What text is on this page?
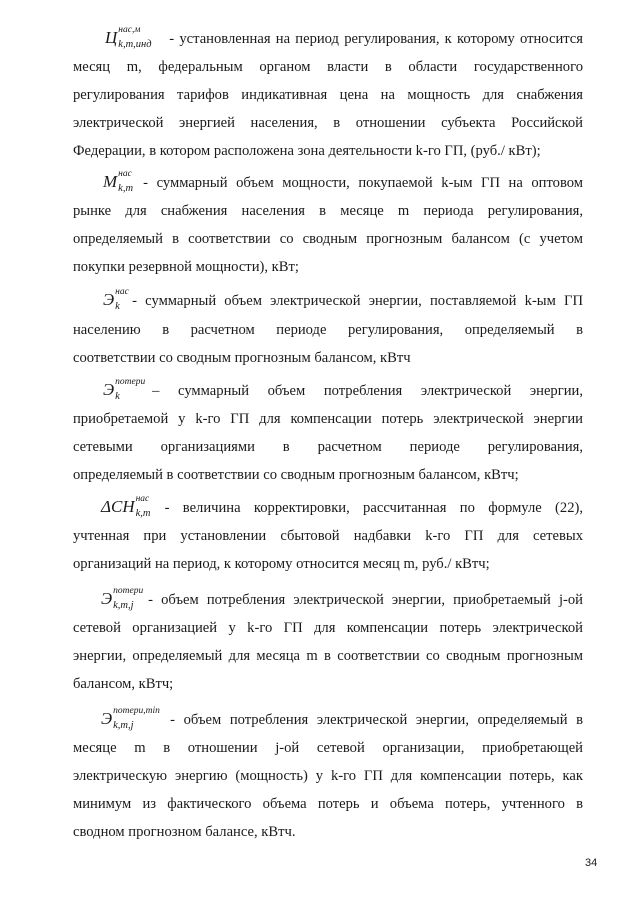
Ц нас,м
k,m,инд - установленная на период регулирования, к которому относится
месяц m, федеральным органом власти в области государственного
регулирования тарифов индикативная цена на мощность для снабжения
электрической энергией населения, в отношении субъекта Российской
Федерации, в котором расположена зона деятельности k-го ГП, (руб./ кВт);
М нас
k,m - суммарный объем мощности, покупаемой k-ым ГП на оптовом
рынке для снабжения населения в месяце m периода регулирования,
определяемый в соответствии со сводным прогнозным балансом (с учетом
покупки резервной мощности), кВт;
Э нас
k - суммарный объем электрической энергии, поставляемой k-ым ГП
населению в расчетном периоде регулирования, определяемый в
соответствии со сводным прогнозным балансом, кВтч
Э потери
k – суммарный объем потребления электрической энергии,
приобретаемой у k-го ГП для компенсации потерь электрической энергии
сетевыми организациями в расчетном периоде регулирования,
определяемый в соответствии со сводным прогнозным балансом, кВтч;
ΔСН нас
k,m - величина корректировки, рассчитанная по формуле (22),
учтенная при установлении сбытовой надбавки k-го ГП для сетевых
организаций на период, к которому относится месяц m, руб./ кВтч;
Э потери
k,m,j - объем потребления электрической энергии, приобретаемый j-ой
сетевой организацией у k-го ГП для компенсации потерь электрической
энергии, определяемый для месяца m в соответствии со сводным прогнозным
балансом, кВтч;
Э потери,min
k,m,j	- объем потребления электрической энергии, определяемый в
месяце m в отношении j-ой сетевой организации, приобретающей
электрическую энергию (мощность) у k-го ГП для компенсации потерь, как
минимум из фактического объема потерь и объема потерь, учтенного в
сводном прогнозном балансе, кВтч.
34
